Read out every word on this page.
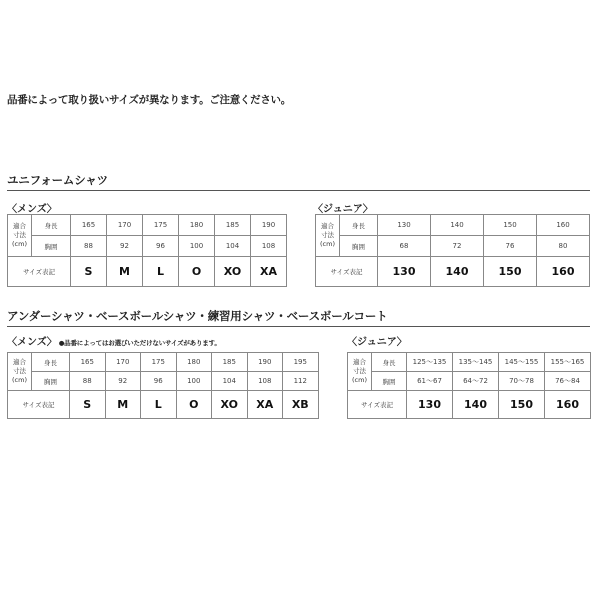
品番によって取り扱いサイズが異なります。ご注意ください。
ユニフォームシャツ
〈メンズ〉	〈ジュニア〉
適合
寸法
(cm)	身長	165	170	175	180	185	190
	胸囲	88	92	96	100	104	108
サイズ表記		S	M	L	O	XO	XA
適合
寸法
(cm)	身長	130	140	150	160
	胸囲	68	72	76	80
サイズ表記		130	140	150	160
アンダーシャツ・ベースボールシャツ・練習用シャツ・ベースボールコート
〈メンズ〉 ●品番によってはお選びいただけないサイズがあります。	〈ジュニア〉
適合
寸法
(cm)	身長	165	170	175	180	185	190	195
	胸囲	88	92	96	100	104	108	112
サイズ表記		S	M	L	O	XO	XA	XB
適合
寸法
(cm)	身長	125～135	135～145	145～155	155～165
	胸囲	61～67	64～72	70～78	76～84
サイズ表記		130	140	150	160
